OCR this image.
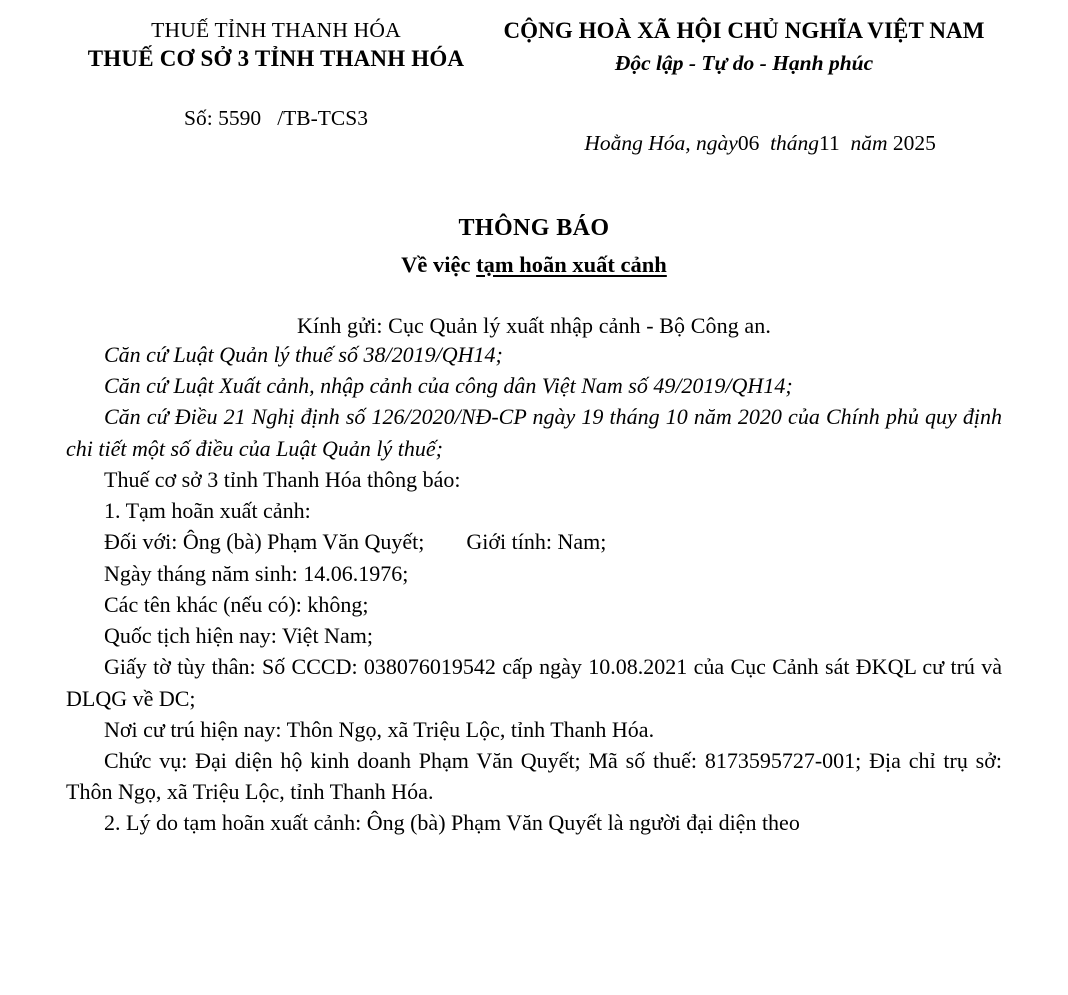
THUẾ TỈNH THANH HÓA
THUẾ CƠ SỞ 3 TỈNH THANH HÓA
CỘNG HOÀ XÃ HỘI CHỦ NGHĨA VIỆT NAM
Độc lập - Tự do - Hạnh phúc
Số: 5590   /TB-TCS3

Hoằng Hóa, ngày06 tháng11 năm 2025

THÔNG BÁO
Về việc tạm hoãn xuất cảnh
Kính gửi: Cục Quản lý xuất nhập cảnh - Bộ Công an.

Căn cứ Luật Quản lý thuế số 38/2019/QH14;

Căn cứ Luật Xuất cảnh, nhập cảnh của công dân Việt Nam số 49/2019/QH14;

Căn cứ Điều 21 Nghị định số 126/2020/NĐ-CP ngày 19 tháng 10 năm 2020 của Chính phủ quy định chi tiết một số điều của Luật Quản lý thuế;

Thuế cơ sở 3 tỉnh Thanh Hóa thông báo:

1. Tạm hoãn xuất cảnh:

Đối với: Ông (bà) Phạm Văn Quyết; Giới tính: Nam;

Ngày tháng năm sinh: 14.06.1976;

Các tên khác (nếu có): không;

Quốc tịch hiện nay: Việt Nam;

Giấy tờ tùy thân: Số CCCD: 038076019542 cấp ngày 10.08.2021 của Cục Cảnh sát ĐKQL cư trú và DLQG về DC;

Nơi cư trú hiện nay: Thôn Ngọ, xã Triệu Lộc, tỉnh Thanh Hóa.

Chức vụ: Đại diện hộ kinh doanh Phạm Văn Quyết; Mã số thuế: 8173595727-001; Địa chỉ trụ sở: Thôn Ngọ, xã Triệu Lộc, tỉnh Thanh Hóa.

2. Lý do tạm hoãn xuất cảnh: Ông (bà) Phạm Văn Quyết là người đại diện theo
